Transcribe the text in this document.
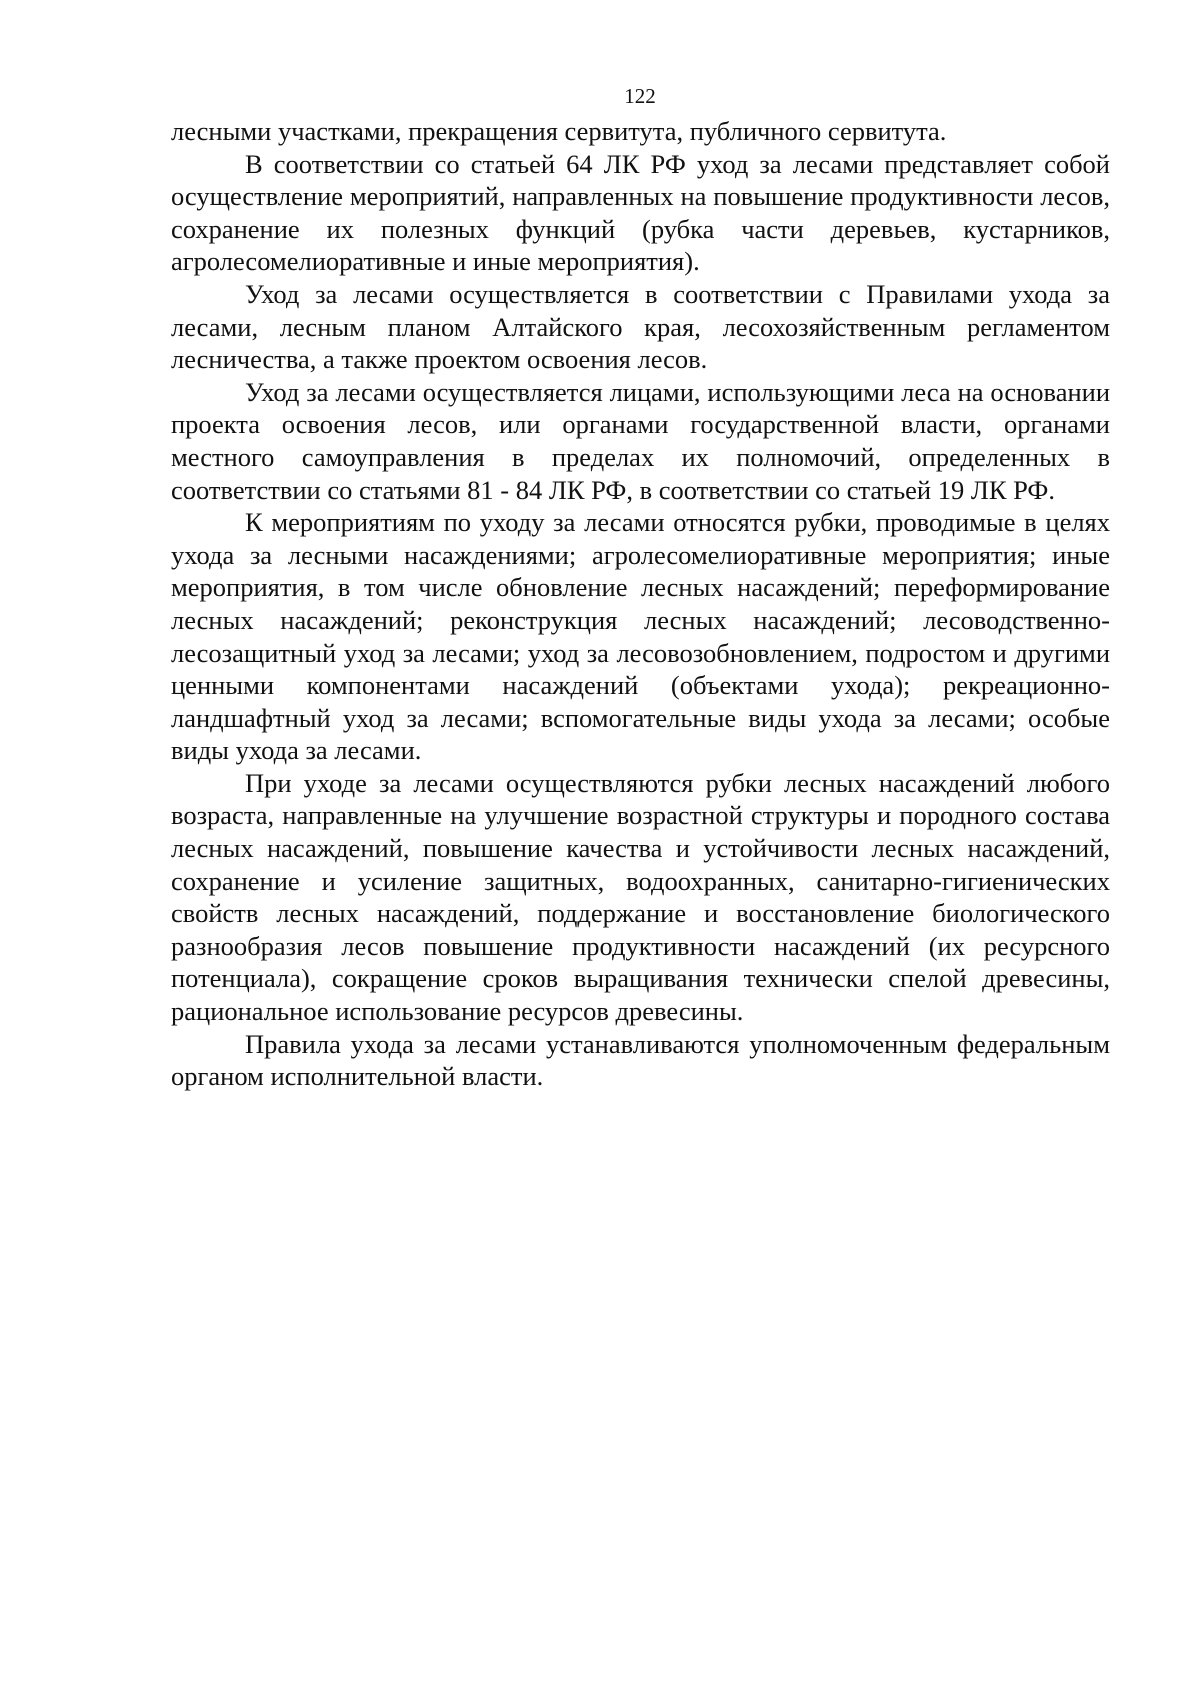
122

лесными участками, прекращения сервитута, публичного сервитута.

В соответствии со статьей 64 ЛК РФ уход за лесами представляет собой осуществление мероприятий, направленных на повышение продуктивности лесов, сохранение их полезных функций (рубка части деревьев, кустарников, агролесомелиоративные и иные мероприятия).

Уход за лесами осуществляется в соответствии с Правилами ухода за лесами, лесным планом Алтайского края, лесохозяйственным регламентом лесничества, а также проектом освоения лесов.

Уход за лесами осуществляется лицами, использующими леса на основании проекта освоения лесов, или органами государственной власти, органами местного самоуправления в пределах их полномочий, определенных в соответствии со статьями 81 - 84 ЛК РФ, в соответствии со статьей 19 ЛК РФ.

К мероприятиям по уходу за лесами относятся рубки, проводимые в целях ухода за лесными насаждениями; агролесомелиоративные мероприятия; иные мероприятия, в том числе обновление лесных насаждений; переформирование лесных насаждений; реконструкция лесных насаждений; лесоводственно-лесозащитный уход за лесами; уход за лесовозобновлением, подростом и другими ценными компонентами насаждений (объектами ухода); рекреационно-ландшафтный уход за лесами; вспомогательные виды ухода за лесами; особые виды ухода за лесами.

При уходе за лесами осуществляются рубки лесных насаждений любого возраста, направленные на улучшение возрастной структуры и породного состава лесных насаждений, повышение качества и устойчивости лесных насаждений, сохранение и усиление защитных, водоохранных, санитарно-гигиенических свойств лесных насаждений, поддержание и восстановление биологического разнообразия лесов повышение продуктивности насаждений (их ресурсного потенциала), сокращение сроков выращивания технически спелой древесины, рациональное использование ресурсов древесины.

Правила ухода за лесами устанавливаются уполномоченным федеральным органом исполнительной власти.
